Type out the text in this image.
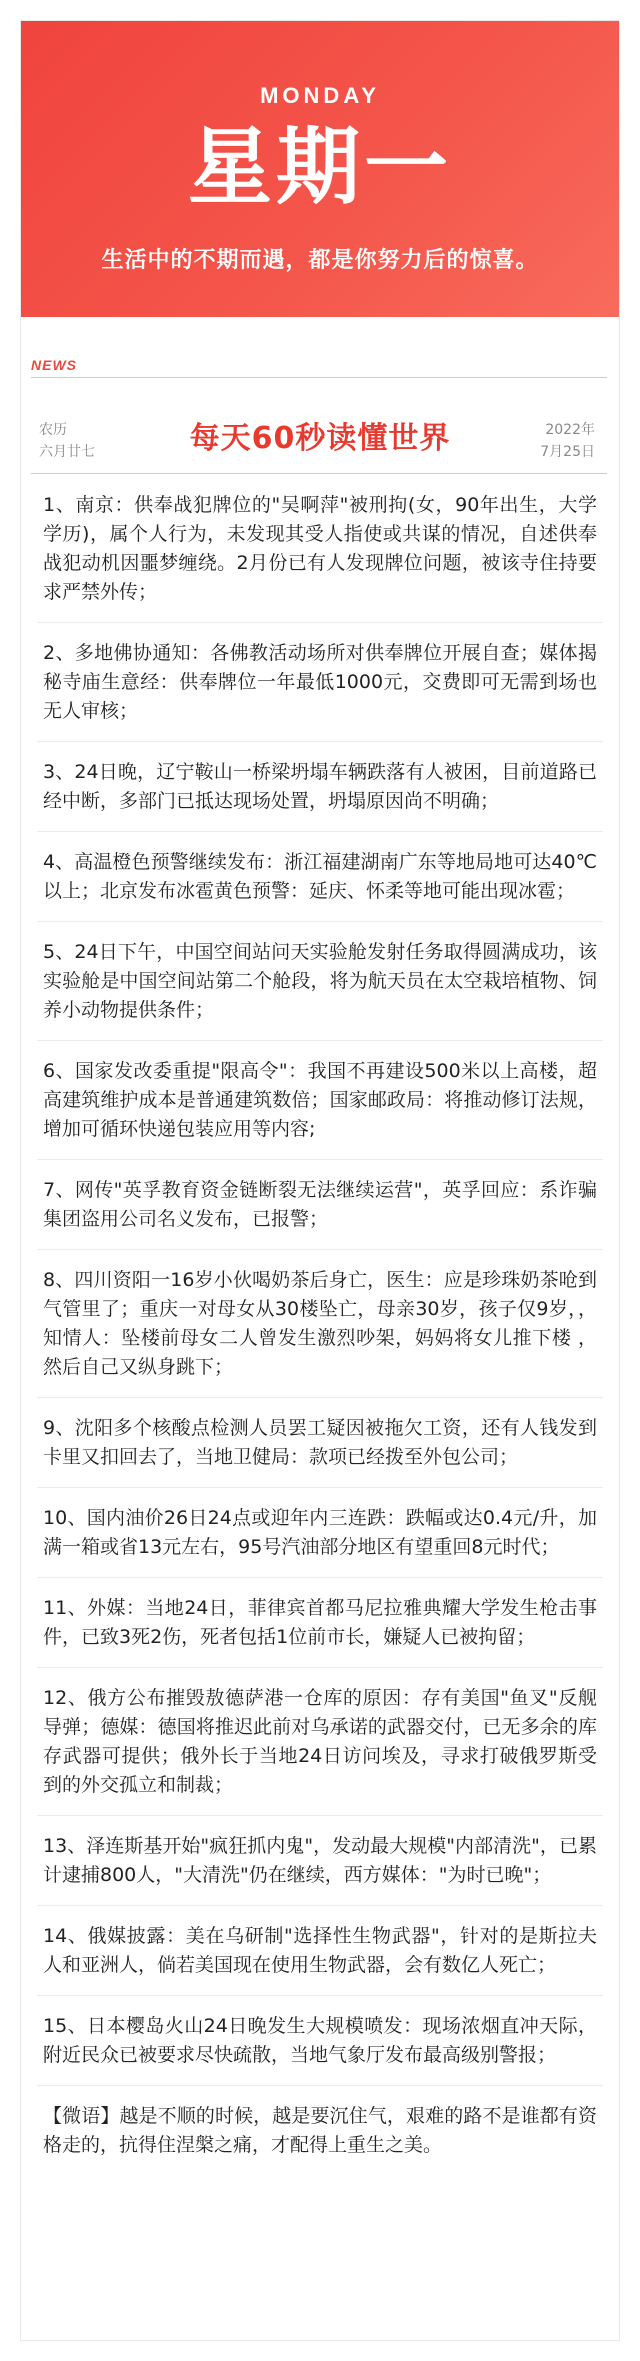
MONDAY
星期一
生活中的不期而遇，都是你努力后的惊喜。
NEWS
农历
六月廿七	每天60秒读懂世界	2022年
7月25日
1、南京：供奉战犯牌位的"吴啊萍"被刑拘(女，90年出生，大学学历)，属个人行为，未发现其受人指使或共谋的情况，自述供奉战犯动机因噩梦缠绕。2月份已有人发现牌位问题，被该寺住持要求严禁外传；
2、多地佛协通知：各佛教活动场所对供奉牌位开展自查；媒体揭秘寺庙生意经：供奉牌位一年最低1000元，交费即可无需到场也无人审核；
3、24日晚，辽宁鞍山一桥梁坍塌车辆跌落有人被困，目前道路已经中断，多部门已抵达现场处置，坍塌原因尚不明确；
4、高温橙色预警继续发布：浙江福建湖南广东等地局地可达40℃以上；北京发布冰雹黄色预警：延庆、怀柔等地可能出现冰雹；
5、24日下午，中国空间站问天实验舱发射任务取得圆满成功，该实验舱是中国空间站第二个舱段，将为航天员在太空栽培植物、饲养小动物提供条件；
6、国家发改委重提"限高令"：我国不再建设500米以上高楼，超高建筑维护成本是普通建筑数倍；国家邮政局：将推动修订法规，增加可循环快递包装应用等内容;
7、网传"英孚教育资金链断裂无法继续运营"，英孚回应：系诈骗集团盗用公司名义发布，已报警；
8、四川资阳一16岁小伙喝奶茶后身亡，医生：应是珍珠奶茶呛到气管里了；重庆一对母女从30楼坠亡，母亲30岁，孩子仅9岁，，知情人：坠楼前母女二人曾发生激烈吵架，妈妈将女儿推下楼 ，然后自己又纵身跳下；
9、沈阳多个核酸点检测人员罢工疑因被拖欠工资，还有人钱发到卡里又扣回去了，当地卫健局：款项已经拨至外包公司；
10、国内油价26日24点或迎年内三连跌：跌幅或达0.4元/升，加满一箱或省13元左右，95号汽油部分地区有望重回8元时代；
11、外媒：当地24日，菲律宾首都马尼拉雅典耀大学发生枪击事件，已致3死2伤，死者包括1位前市长，嫌疑人已被拘留；
12、俄方公布摧毁敖德萨港一仓库的原因：存有美国"鱼叉"反舰导弹；德媒：德国将推迟此前对乌承诺的武器交付，已无多余的库存武器可提供；俄外长于当地24日访问埃及，寻求打破俄罗斯受到的外交孤立和制裁；
13、泽连斯基开始"疯狂抓内鬼"，发动最大规模"内部清洗"，已累计逮捕800人，"大清洗"仍在继续，西方媒体："为时已晚"；
14、俄媒披露：美在乌研制"选择性生物武器"，针对的是斯拉夫人和亚洲人，倘若美国现在使用生物武器，会有数亿人死亡；
15、日本樱岛火山24日晚发生大规模喷发：现场浓烟直冲天际，附近民众已被要求尽快疏散，当地气象厅发布最高级别警报；
【微语】越是不顺的时候，越是要沉住气，艰难的路不是谁都有资格走的，抗得住涅槃之痛，才配得上重生之美。
